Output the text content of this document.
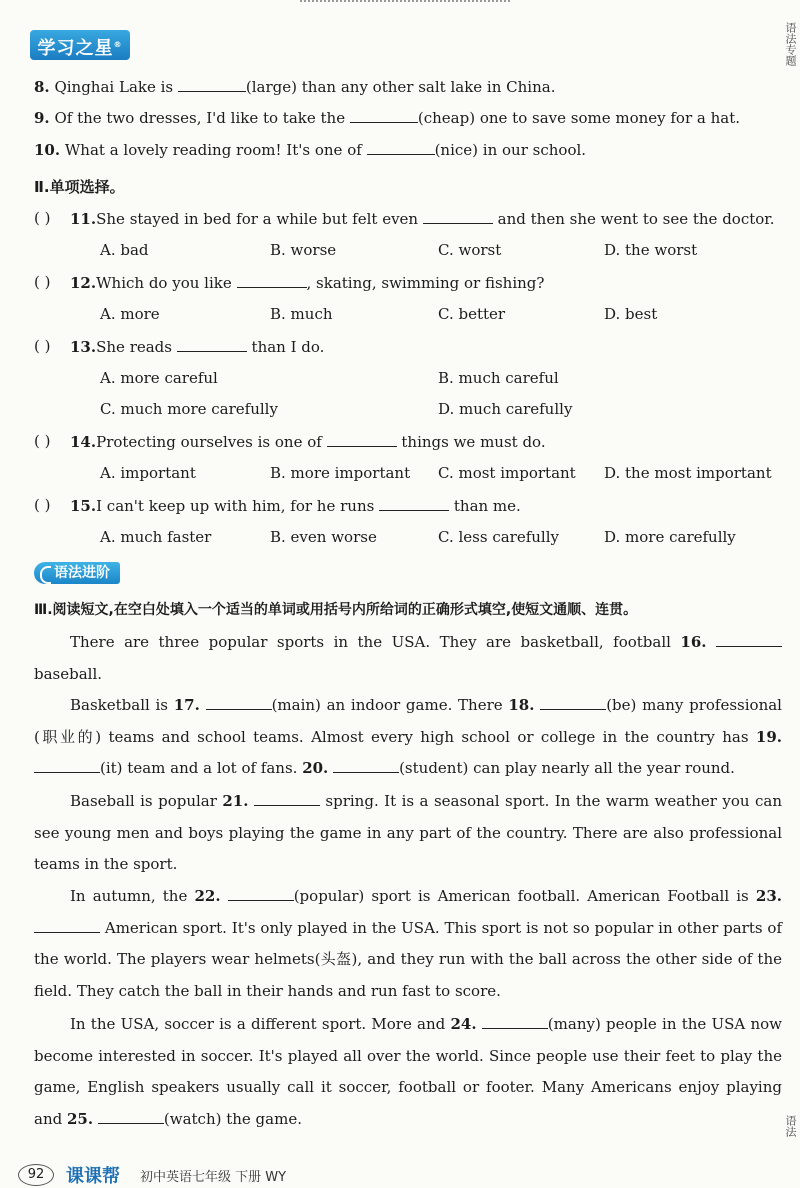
学习之星®	语法专题
8. Qinghai Lake is	(large) than any other salt lake in China.
9. Of the two dresses, I'd like to take the	(cheap) one to save some money for a hat.
10. What a lovely reading room! It's one of	(nice) in our school.
Ⅱ.单项选择。
( ) 11.She stayed in bed for a while but felt even	and then she went to see the doctor.
A. bad	B. worse	C. worst	D. the worst
( ) 12.Which do you like	, skating, swimming or fishing?
A. more	B. much	C. better	D. best
( ) 13.She reads	than I do.
A. more careful	B. much careful
C. much more carefully	D. much carefully
( ) 14.Protecting ourselves is one of	things we must do.
A. important	B. more important C. most important D. the most important
( ) 15.I can't keep up with him, for he runs	than me.
A. much faster	B. even worse	C. less carefully	D. more carefully
语法进阶
Ⅲ.阅读短文,在空白处填入一个适当的单词或用括号内所给词的正确形式填空,使短文通顺、连贯。
There are three popular sports in the USA. They are basketball, football 16.  baseball.
Basketball is 17.	(main) an indoor game. There 18.	(be) many professional (职业的) teams and school teams. Almost every high school or college in the country has 19. (it) team and a lot of fans. 20.	(student) can play nearly all the year round.
Baseball is popular 21.	spring. It is a seasonal sport. In the warm weather you can see young men and boys playing the game in any part of the country. There are also professional teams in the sport.
In autumn, the 22.	(popular) sport is American football. American Football is 23.  American sport. It's only played in the USA. This sport is not so popular in other parts of the world. The players wear helmets(头盔), and they run with the ball across the other side of the field. They catch the ball in their hands and run fast to score.
In the USA, soccer is a different sport. More and 24.	(many) people in the USA now become interested in soccer. It's played all over the world. Since people use their feet to play the game, English speakers usually call it soccer, football or footer. Many Americans enjoy playing and 25.	(watch) the game.	语法
92	课课帮 初中英语七年级 下册 WY
